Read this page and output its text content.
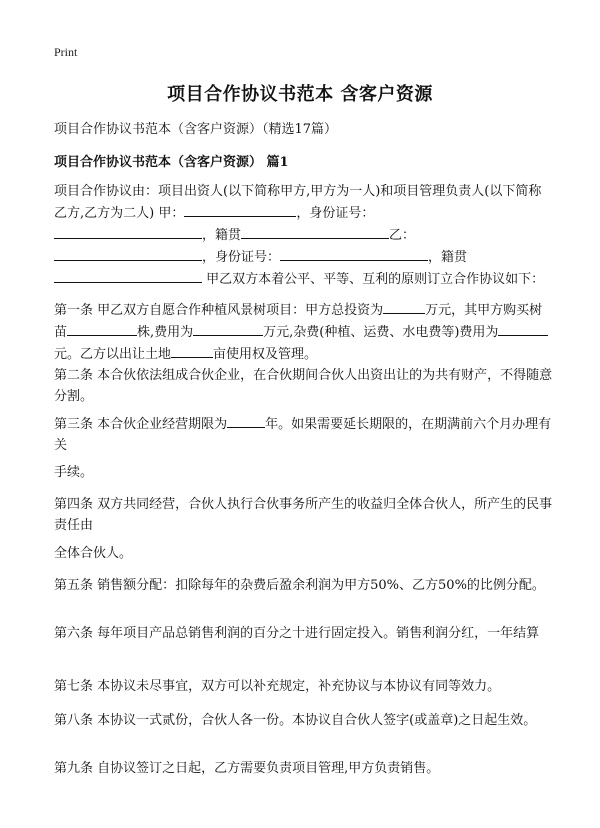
Print
项目合作协议书范本 含客户资源
项目合作协议书范本（含客户资源）（精选17篇）
项目合作协议书范本（含客户资源） 篇1
项目合作协议由：项目出资人(以下简称甲方,甲方为一人)和项目管理负责人(以下简称乙方,乙方为二人) 甲：	，身份证号：
，籍贯	乙：
，身份证号：	，籍贯
甲乙双方本着公平、平等、互利的原则订立合作协议如下：
第一条 甲乙双方自愿合作种植风景树项目：甲方总投资为	万元，其甲方购买树苗	株,费用为	万元,杂费(种植、运费、水电费等)费用为元。乙方以出让土地	亩使用权及管理。
第二条 本合伙依法组成合伙企业，在合伙期间合伙人出资出让的为共有财产，不得随意分割。
第三条 本合伙企业经营期限为	年。如果需要延长期限的，在期满前六个月办理有关
手续。
第四条 双方共同经营，合伙人执行合伙事务所产生的收益归全体合伙人，所产生的民事责任由
全体合伙人。
第五条 销售额分配：扣除每年的杂费后盈余利润为甲方50%、乙方50%的比例分配。
第六条 每年项目产品总销售利润的百分之十进行固定投入。销售利润分红，一年结算
第七条 本协议未尽事宜，双方可以补充规定，补充协议与本协议有同等效力。
第八条 本协议一式贰份，合伙人各一份。本协议自合伙人签字(或盖章)之日起生效。
第九条 自协议签订之日起，乙方需要负责项目管理,甲方负责销售。
